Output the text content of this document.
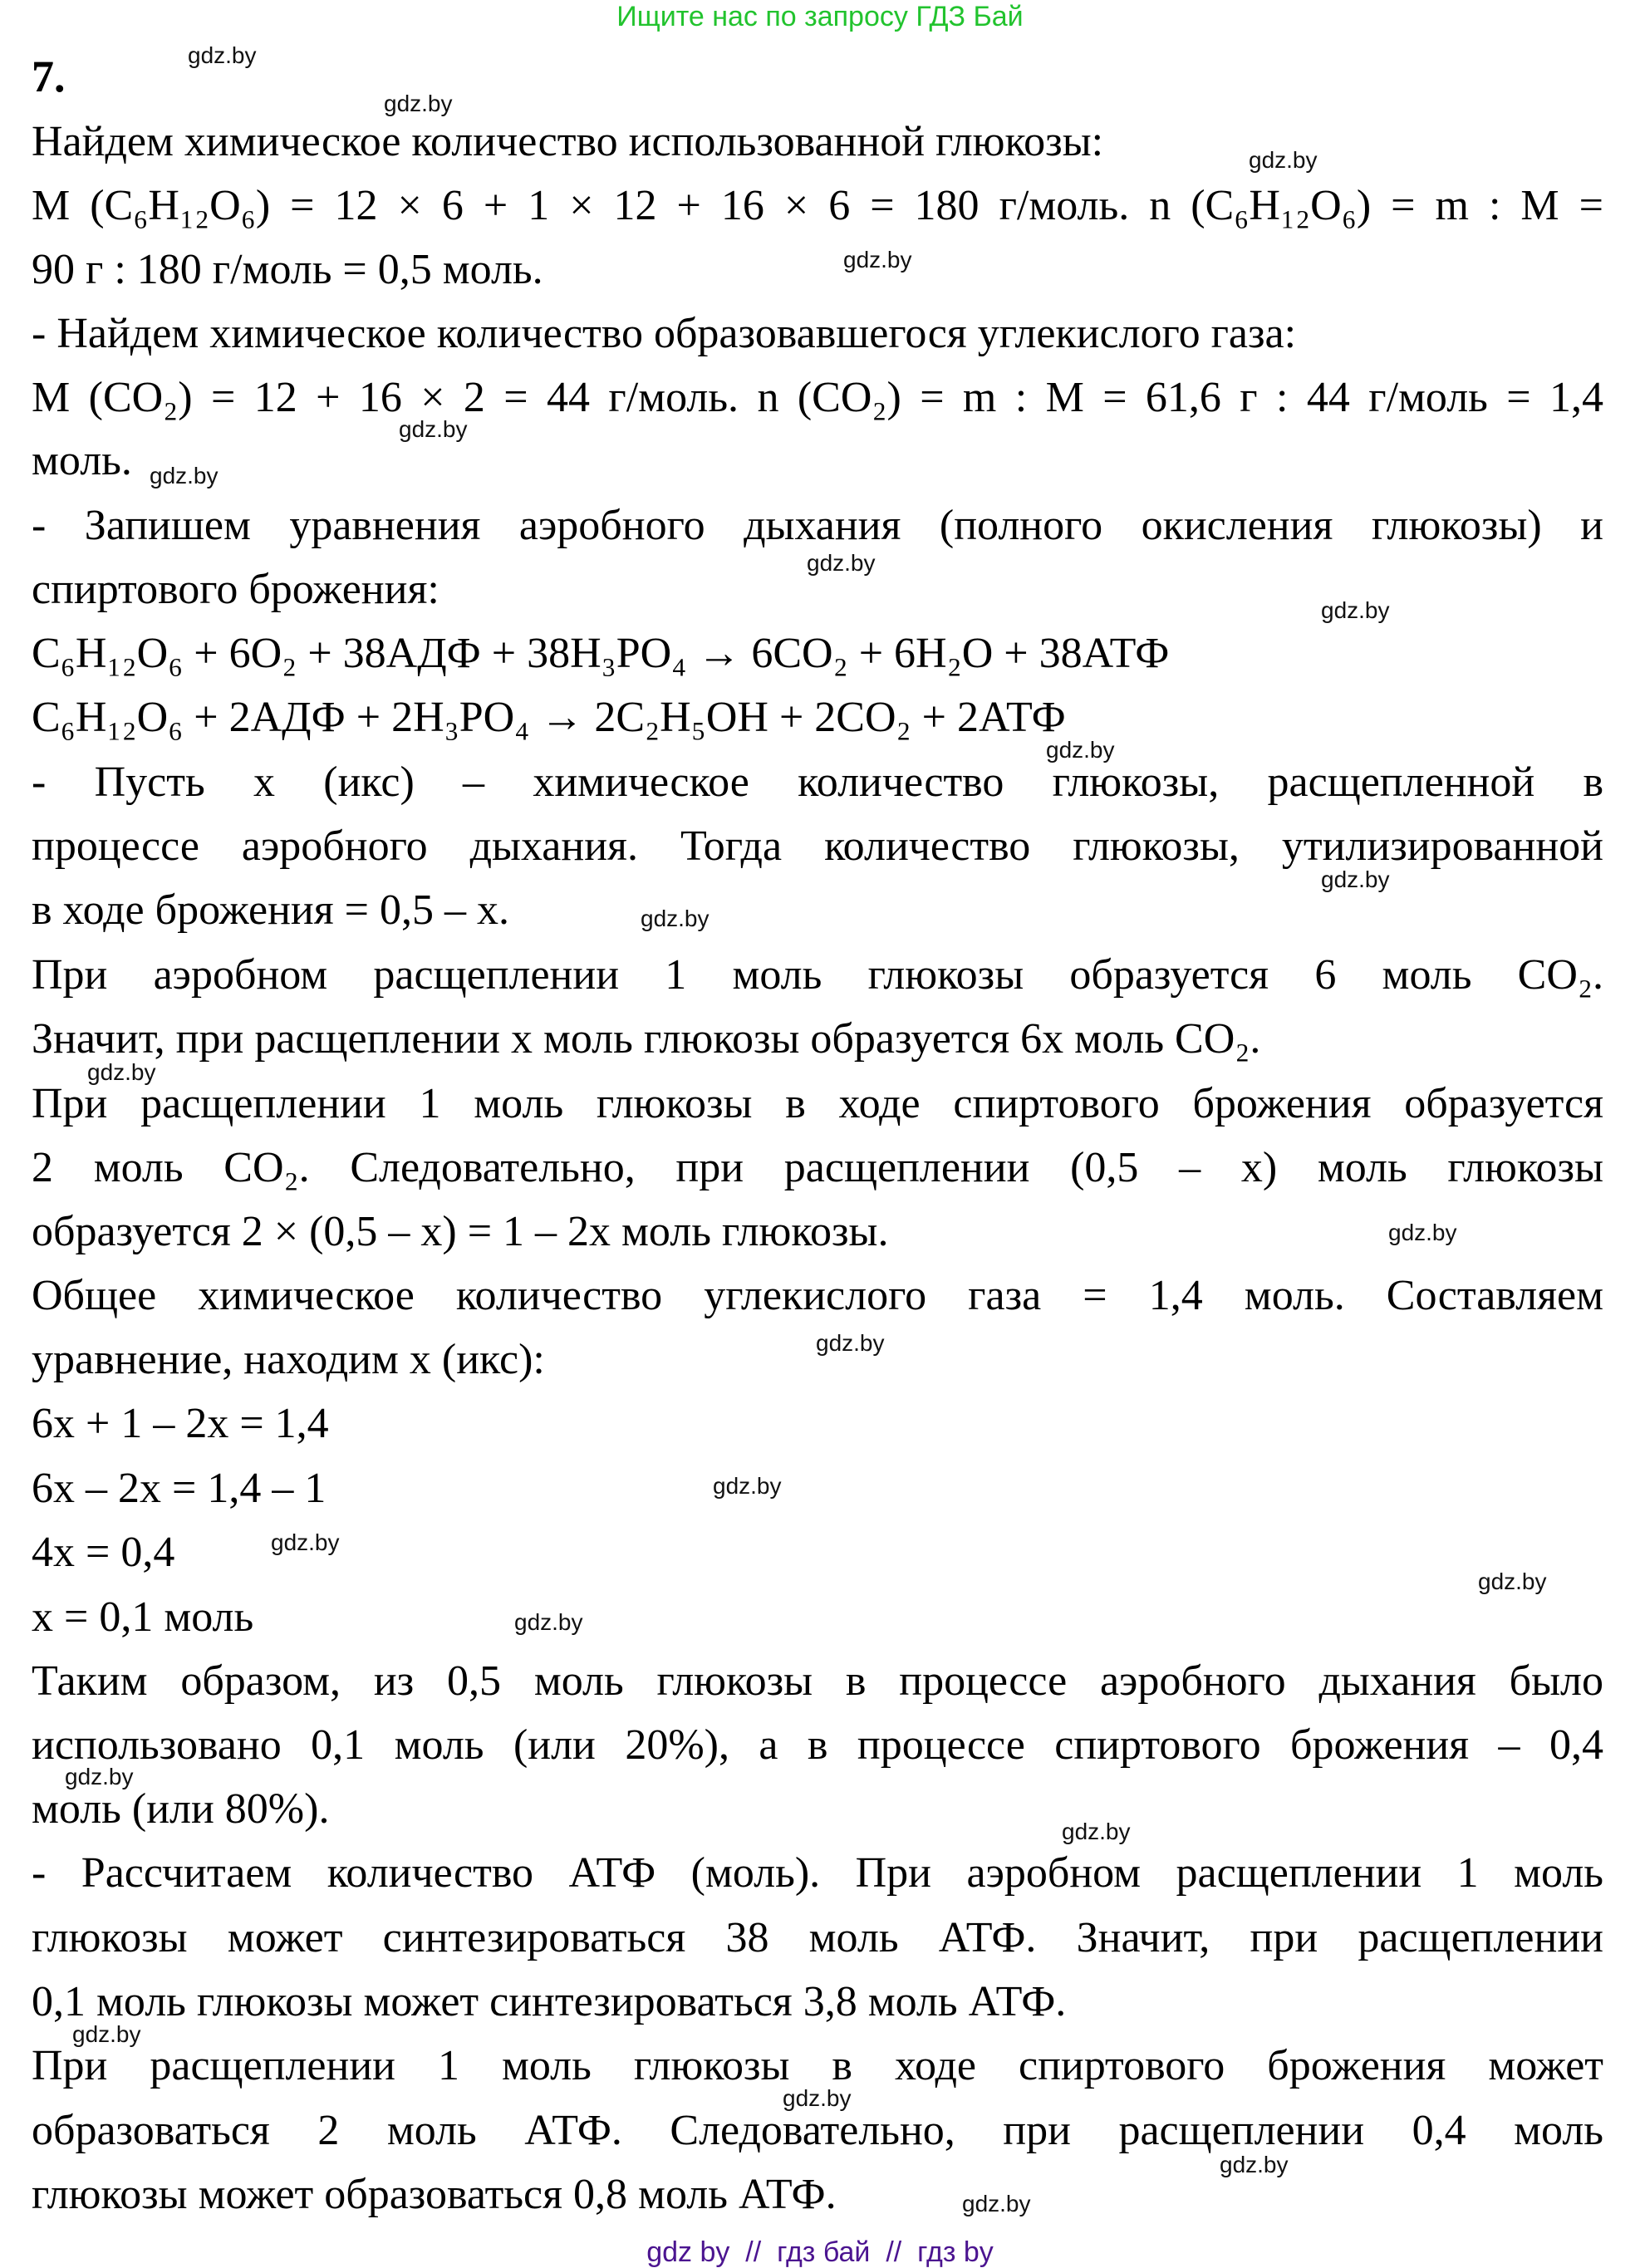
Ищите нас по запросу ГДЗ Бай
7.
Найдем химическое количество использованной глюкозы:
M (C₆H₁₂O₆) = 12 × 6 + 1 × 12 + 16 × 6 = 180 г/моль. n (C₆H₁₂O₆) = m : M =
90 г : 180 г/моль = 0,5 моль.
- Найдем химическое количество образовавшегося углекислого газа:
M (CO₂) = 12 + 16 × 2 = 44 г/моль. n (CO₂) = m : M = 61,6 г : 44 г/моль = 1,4
моль.
- Запишем уравнения аэробного дыхания (полного окисления глюкозы) и
спиртового брожения:
C₆H₁₂O₆ + 6O₂ + 38АДФ + 38H₃PO₄ → 6CO₂ + 6H₂O + 38АТФ
C₆H₁₂O₆ + 2АДФ + 2H₃PO₄ → 2C₂H₅OH + 2CO₂ + 2АТФ
- Пусть х (икс) – химическое количество глюкозы, расщепленной в
процессе аэробного дыхания. Тогда количество глюкозы, утилизированной
в ходе брожения = 0,5 – х.
При аэробном расщеплении 1 моль глюкозы образуется 6 моль CO₂.
Значит, при расщеплении х моль глюкозы образуется 6х моль CO₂.
При расщеплении 1 моль глюкозы в ходе спиртового брожения образуется
2 моль CO₂. Следовательно, при расщеплении (0,5 – х) моль глюкозы
образуется 2 × (0,5 – х) = 1 – 2х моль глюкозы.
Общее химическое количество углекислого газа = 1,4 моль. Составляем
уравнение, находим х (икс):
6х + 1 – 2х = 1,4
6х – 2х = 1,4 – 1
4х = 0,4
х = 0,1 моль
Таким образом, из 0,5 моль глюкозы в процессе аэробного дыхания было
использовано 0,1 моль (или 20%), а в процессе спиртового брожения – 0,4
моль (или 80%).
- Рассчитаем количество АТФ (моль). При аэробном расщеплении 1 моль
глюкозы может синтезироваться 38 моль АТФ. Значит, при расщеплении
0,1 моль глюкозы может синтезироваться 3,8 моль АТФ.
При расщеплении 1 моль глюкозы в ходе спиртового брожения может
образоваться 2 моль АТФ. Следовательно, при расщеплении 0,4 моль
глюкозы может образоваться 0,8 моль АТФ.
gdz.by
gdz.by
gdz.by
gdz.by
gdz.by
gdz.by
gdz.by
gdz.by
gdz.by
gdz.by
gdz.by
gdz.by
gdz.by
gdz.by
gdz.by
gdz.by
gdz.by
gdz.by
gdz.by
gdz.by
gdz.by
gdz.by
gdz.by
gdz.by
gdz by  //  гдз бай  //  гдз by
